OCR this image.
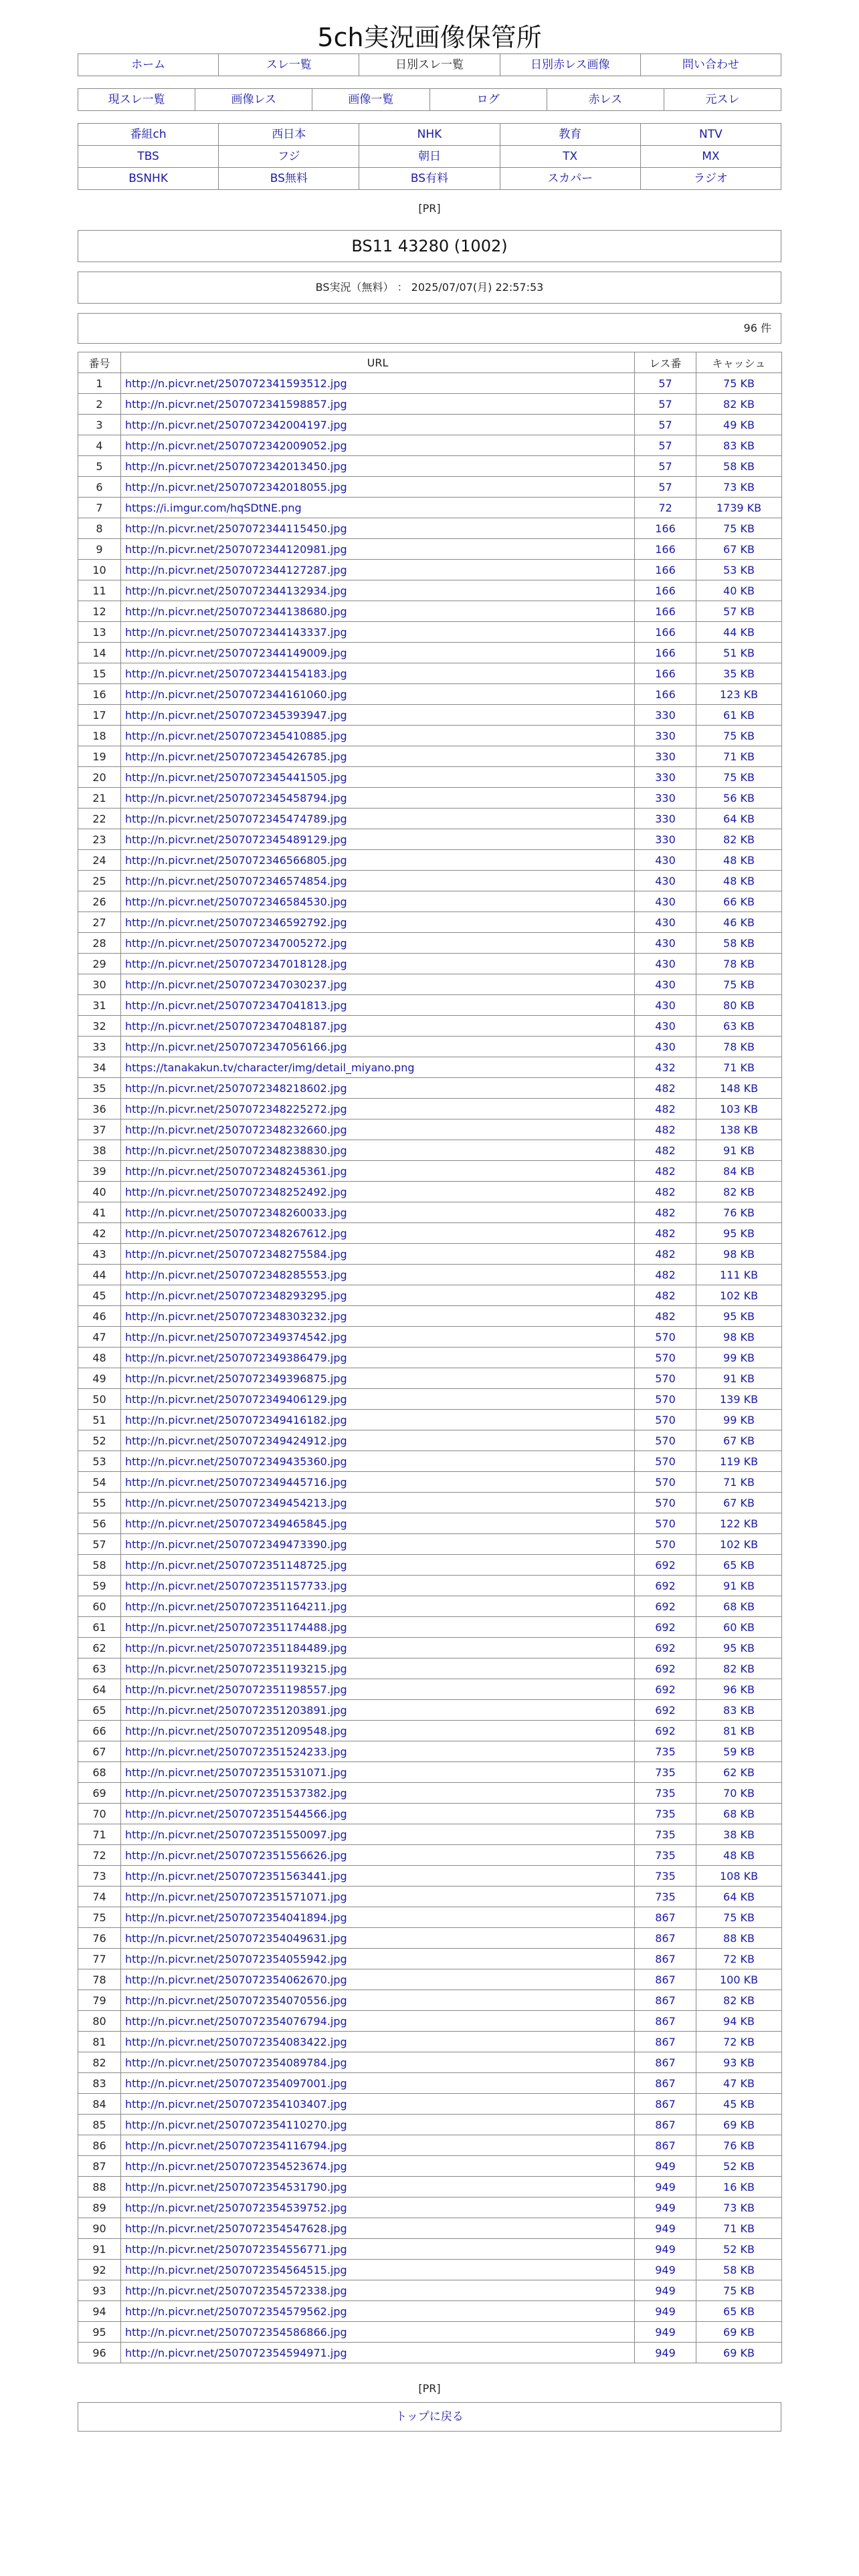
5ch実況画像保管所
ホーム	スレ一覧	日別スレ一覧	日別赤レス画像	問い合わせ
現スレ一覧	画像レス	画像一覧	ログ	赤レス	元スレ
番組ch	西日本	NHK	教育	NTV
TBS	フジ	朝日	TX	MX
BSNHK	BS無料	BS有料	スカパー	ラジオ
[PR]
BS11 43280 (1002)
BS実況（無料） ： 2025/07/07(月) 22:57:53
96 件
番号	URL	レス番	キャッシュ
1	http://n.picvr.net/2507072341593512.jpg	57	75 KB
2	http://n.picvr.net/2507072341598857.jpg	57	82 KB
3	http://n.picvr.net/2507072342004197.jpg	57	49 KB
4	http://n.picvr.net/2507072342009052.jpg	57	83 KB
5	http://n.picvr.net/2507072342013450.jpg	57	58 KB
6	http://n.picvr.net/2507072342018055.jpg	57	73 KB
7	https://i.imgur.com/hqSDtNE.png	72	1739 KB
8	http://n.picvr.net/2507072344115450.jpg	166	75 KB
9	http://n.picvr.net/2507072344120981.jpg	166	67 KB
10	http://n.picvr.net/2507072344127287.jpg	166	53 KB
11	http://n.picvr.net/2507072344132934.jpg	166	40 KB
12	http://n.picvr.net/2507072344138680.jpg	166	57 KB
13	http://n.picvr.net/2507072344143337.jpg	166	44 KB
14	http://n.picvr.net/2507072344149009.jpg	166	51 KB
15	http://n.picvr.net/2507072344154183.jpg	166	35 KB
16	http://n.picvr.net/2507072344161060.jpg	166	123 KB
17	http://n.picvr.net/2507072345393947.jpg	330	61 KB
18	http://n.picvr.net/2507072345410885.jpg	330	75 KB
19	http://n.picvr.net/2507072345426785.jpg	330	71 KB
20	http://n.picvr.net/2507072345441505.jpg	330	75 KB
21	http://n.picvr.net/2507072345458794.jpg	330	56 KB
22	http://n.picvr.net/2507072345474789.jpg	330	64 KB
23	http://n.picvr.net/2507072345489129.jpg	330	82 KB
24	http://n.picvr.net/2507072346566805.jpg	430	48 KB
25	http://n.picvr.net/2507072346574854.jpg	430	48 KB
26	http://n.picvr.net/2507072346584530.jpg	430	66 KB
27	http://n.picvr.net/2507072346592792.jpg	430	46 KB
28	http://n.picvr.net/2507072347005272.jpg	430	58 KB
29	http://n.picvr.net/2507072347018128.jpg	430	78 KB
30	http://n.picvr.net/2507072347030237.jpg	430	75 KB
31	http://n.picvr.net/2507072347041813.jpg	430	80 KB
32	http://n.picvr.net/2507072347048187.jpg	430	63 KB
33	http://n.picvr.net/2507072347056166.jpg	430	78 KB
34	https://tanakakun.tv/character/img/detail_miyano.png	432	71 KB
35	http://n.picvr.net/2507072348218602.jpg	482	148 KB
36	http://n.picvr.net/2507072348225272.jpg	482	103 KB
37	http://n.picvr.net/2507072348232660.jpg	482	138 KB
38	http://n.picvr.net/2507072348238830.jpg	482	91 KB
39	http://n.picvr.net/2507072348245361.jpg	482	84 KB
40	http://n.picvr.net/2507072348252492.jpg	482	82 KB
41	http://n.picvr.net/2507072348260033.jpg	482	76 KB
42	http://n.picvr.net/2507072348267612.jpg	482	95 KB
43	http://n.picvr.net/2507072348275584.jpg	482	98 KB
44	http://n.picvr.net/2507072348285553.jpg	482	111 KB
45	http://n.picvr.net/2507072348293295.jpg	482	102 KB
46	http://n.picvr.net/2507072348303232.jpg	482	95 KB
47	http://n.picvr.net/2507072349374542.jpg	570	98 KB
48	http://n.picvr.net/2507072349386479.jpg	570	99 KB
49	http://n.picvr.net/2507072349396875.jpg	570	91 KB
50	http://n.picvr.net/2507072349406129.jpg	570	139 KB
51	http://n.picvr.net/2507072349416182.jpg	570	99 KB
52	http://n.picvr.net/2507072349424912.jpg	570	67 KB
53	http://n.picvr.net/2507072349435360.jpg	570	119 KB
54	http://n.picvr.net/2507072349445716.jpg	570	71 KB
55	http://n.picvr.net/2507072349454213.jpg	570	67 KB
56	http://n.picvr.net/2507072349465845.jpg	570	122 KB
57	http://n.picvr.net/2507072349473390.jpg	570	102 KB
58	http://n.picvr.net/2507072351148725.jpg	692	65 KB
59	http://n.picvr.net/2507072351157733.jpg	692	91 KB
60	http://n.picvr.net/2507072351164211.jpg	692	68 KB
61	http://n.picvr.net/2507072351174488.jpg	692	60 KB
62	http://n.picvr.net/2507072351184489.jpg	692	95 KB
63	http://n.picvr.net/2507072351193215.jpg	692	82 KB
64	http://n.picvr.net/2507072351198557.jpg	692	96 KB
65	http://n.picvr.net/2507072351203891.jpg	692	83 KB
66	http://n.picvr.net/2507072351209548.jpg	692	81 KB
67	http://n.picvr.net/2507072351524233.jpg	735	59 KB
68	http://n.picvr.net/2507072351531071.jpg	735	62 KB
69	http://n.picvr.net/2507072351537382.jpg	735	70 KB
70	http://n.picvr.net/2507072351544566.jpg	735	68 KB
71	http://n.picvr.net/2507072351550097.jpg	735	38 KB
72	http://n.picvr.net/2507072351556626.jpg	735	48 KB
73	http://n.picvr.net/2507072351563441.jpg	735	108 KB
74	http://n.picvr.net/2507072351571071.jpg	735	64 KB
75	http://n.picvr.net/2507072354041894.jpg	867	75 KB
76	http://n.picvr.net/2507072354049631.jpg	867	88 KB
77	http://n.picvr.net/2507072354055942.jpg	867	72 KB
78	http://n.picvr.net/2507072354062670.jpg	867	100 KB
79	http://n.picvr.net/2507072354070556.jpg	867	82 KB
80	http://n.picvr.net/2507072354076794.jpg	867	94 KB
81	http://n.picvr.net/2507072354083422.jpg	867	72 KB
82	http://n.picvr.net/2507072354089784.jpg	867	93 KB
83	http://n.picvr.net/2507072354097001.jpg	867	47 KB
84	http://n.picvr.net/2507072354103407.jpg	867	45 KB
85	http://n.picvr.net/2507072354110270.jpg	867	69 KB
86	http://n.picvr.net/2507072354116794.jpg	867	76 KB
87	http://n.picvr.net/2507072354523674.jpg	949	52 KB
88	http://n.picvr.net/2507072354531790.jpg	949	16 KB
89	http://n.picvr.net/2507072354539752.jpg	949	73 KB
90	http://n.picvr.net/2507072354547628.jpg	949	71 KB
91	http://n.picvr.net/2507072354556771.jpg	949	52 KB
92	http://n.picvr.net/2507072354564515.jpg	949	58 KB
93	http://n.picvr.net/2507072354572338.jpg	949	75 KB
94	http://n.picvr.net/2507072354579562.jpg	949	65 KB
95	http://n.picvr.net/2507072354586866.jpg	949	69 KB
96	http://n.picvr.net/2507072354594971.jpg	949	69 KB
[PR]
トップに戻る
